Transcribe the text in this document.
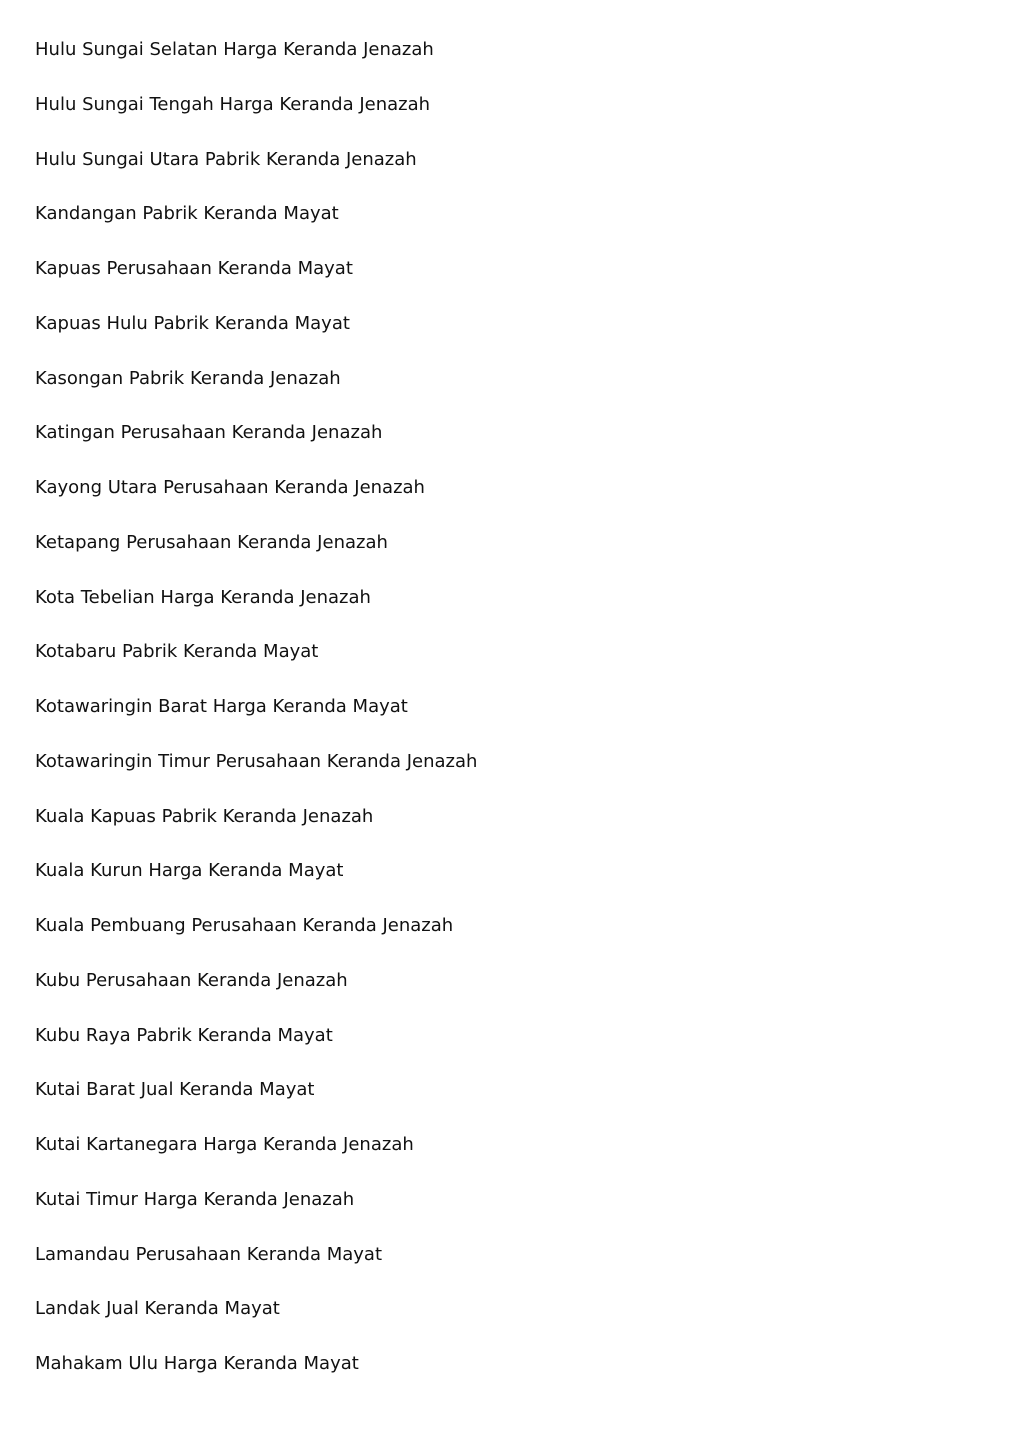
Hulu Sungai Selatan Harga Keranda Jenazah
Hulu Sungai Tengah Harga Keranda Jenazah
Hulu Sungai Utara Pabrik Keranda Jenazah
Kandangan Pabrik Keranda Mayat
Kapuas Perusahaan Keranda Mayat
Kapuas Hulu Pabrik Keranda Mayat
Kasongan Pabrik Keranda Jenazah
Katingan Perusahaan Keranda Jenazah
Kayong Utara Perusahaan Keranda Jenazah
Ketapang Perusahaan Keranda Jenazah
Kota Tebelian Harga Keranda Jenazah
Kotabaru Pabrik Keranda Mayat
Kotawaringin Barat Harga Keranda Mayat
Kotawaringin Timur Perusahaan Keranda Jenazah
Kuala Kapuas Pabrik Keranda Jenazah
Kuala Kurun Harga Keranda Mayat
Kuala Pembuang Perusahaan Keranda Jenazah
Kubu Perusahaan Keranda Jenazah
Kubu Raya Pabrik Keranda Mayat
Kutai Barat Jual Keranda Mayat
Kutai Kartanegara Harga Keranda Jenazah
Kutai Timur Harga Keranda Jenazah
Lamandau Perusahaan Keranda Mayat
Landak Jual Keranda Mayat
Mahakam Ulu Harga Keranda Mayat
